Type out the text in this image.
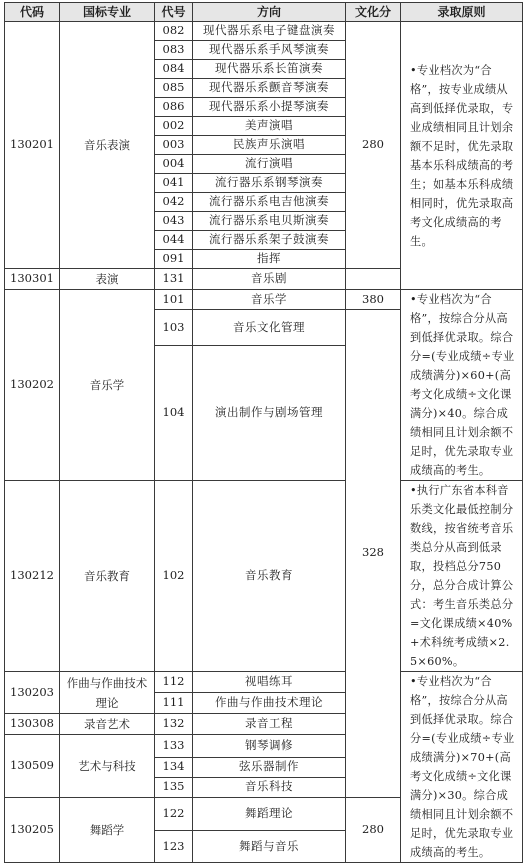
代码	国标专业	代号	方向	文化分	录取原则
130201	音乐表演	082	现代器乐系电子键盘演奏	280	•专业档次为“合格”，按专业成绩从高到低择优录取，专业成绩相同且计划余额不足时，优先录取基本乐科成绩高的考生；如基本乐科成绩相同时，优先录取高考文化成绩高的考生。
		083	现代器乐系手风琴演奏		
		084	现代器乐系长笛演奏		
		085	现代器乐系颤音琴演奏		
		086	现代器乐系小提琴演奏		
		002	美声演唱		
		003	民族声乐演唱		
		004	流行演唱		
		041	流行器乐系钢琴演奏		
		042	流行器乐系电吉他演奏		
		043	流行器乐系电贝斯演奏		
		044	流行器乐系架子鼓演奏		
		091	指挥		
130301	表演	131	音乐剧		
130202	音乐学	101	音乐学	380	•专业档次为“合格”，按综合分从高到低择优录取。综合分=(专业成绩÷专业成绩满分)×60+(高考文化成绩÷文化课满分)×40。综合成绩相同且计划余额不足时，优先录取专业成绩高的考生。
		103	音乐文化管理	328	
		104	演出制作与剧场管理		
130212	音乐教育	102	音乐教育		•执行广东省本科音乐类文化最低控制分数线，按省统考音乐类总分从高到低录取，投档总分750分，总分合成计算公式：考生音乐类总分=文化课成绩×40%+术科统考成绩×2.5×60%。
130203	作曲与作曲技术理论	112	视唱练耳		•专业档次为“合格”，按综合分从高到低择优录取。综合分=(专业成绩÷专业成绩满分)×70+(高考文化成绩÷文化课满分)×30。综合成绩相同且计划余额不足时，优先录取专业成绩高的考生。
		111	作曲与作曲技术理论		
130308	录音艺术	132	录音工程		
130509	艺术与科技	133	钢琴调修		
		134	弦乐器制作		
		135	音乐科技		
130205	舞蹈学	122	舞蹈理论	280	
		123	舞蹈与音乐		
